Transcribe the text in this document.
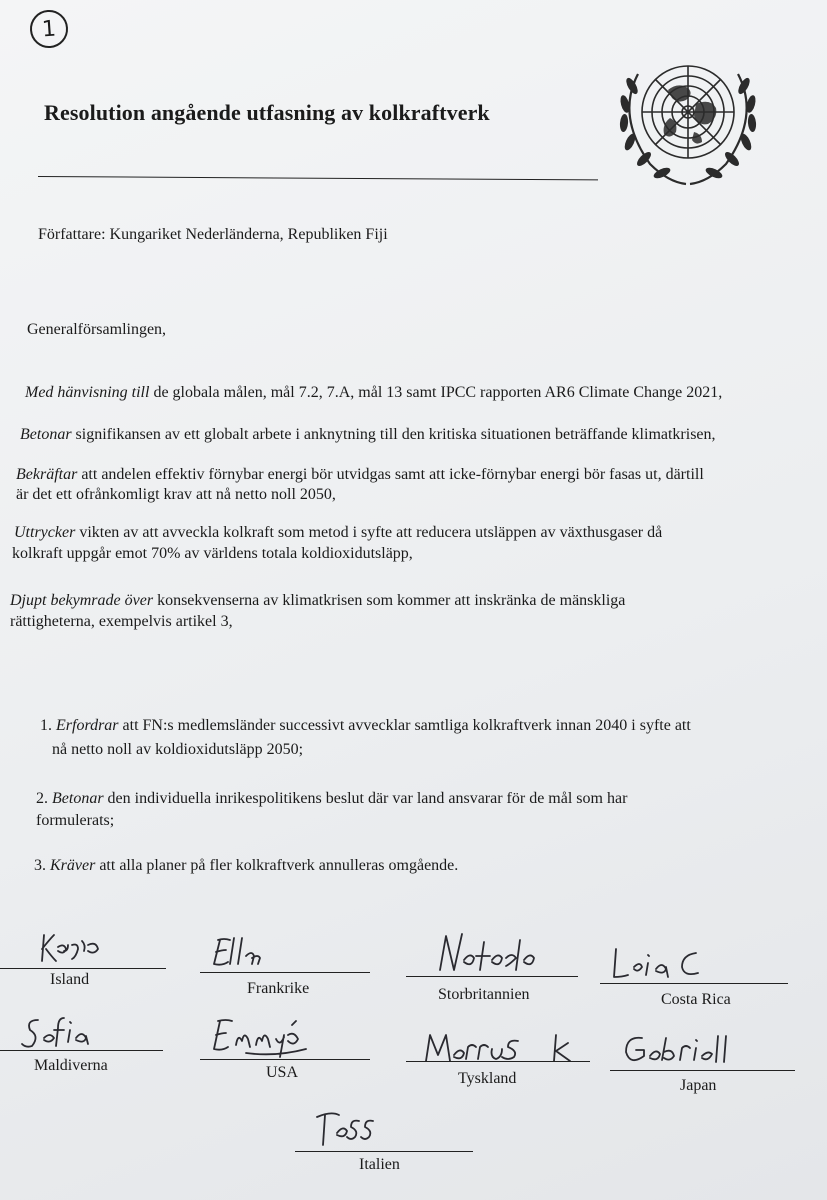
1
Resolution angående utfasning av kolkraftverk
Författare: Kungariket Nederländerna, Republiken Fiji
Generalförsamlingen,
Med hänvisning till de globala målen, mål 7.2, 7.A, mål 13 samt IPCC rapporten AR6 Climate Change 2021,
Betonar signifikansen av ett globalt arbete i anknytning till den kritiska situationen beträffande klimatkrisen,
Bekräftar att andelen effektiv förnybar energi bör utvidgas samt att icke-förnybar energi bör fasas ut, därtill
är det ett ofrånkomligt krav att nå netto noll 2050,
Uttrycker vikten av att avveckla kolkraft som metod i syfte att reducera utsläppen av växthusgaser då
kolkraft uppgår emot 70% av världens totala koldioxidutsläpp,
Djupt bekymrade över konsekvenserna av klimatkrisen som kommer att inskränka de mänskliga
rättigheterna, exempelvis artikel 3,
1. Erfordrar att FN:s medlemsländer successivt avvecklar samtliga kolkraftverk innan 2040 i syfte att
nå netto noll av koldioxidutsläpp 2050;
2. Betonar den individuella inrikespolitikens beslut där var land ansvarar för de mål som har
formulerats;
3. Kräver att alla planer på fler kolkraftverk annulleras omgående.
Island
Frankrike	Storbritannien	Costa Rica
Maldiverna	USA	Tyskland	Japan
Italien
